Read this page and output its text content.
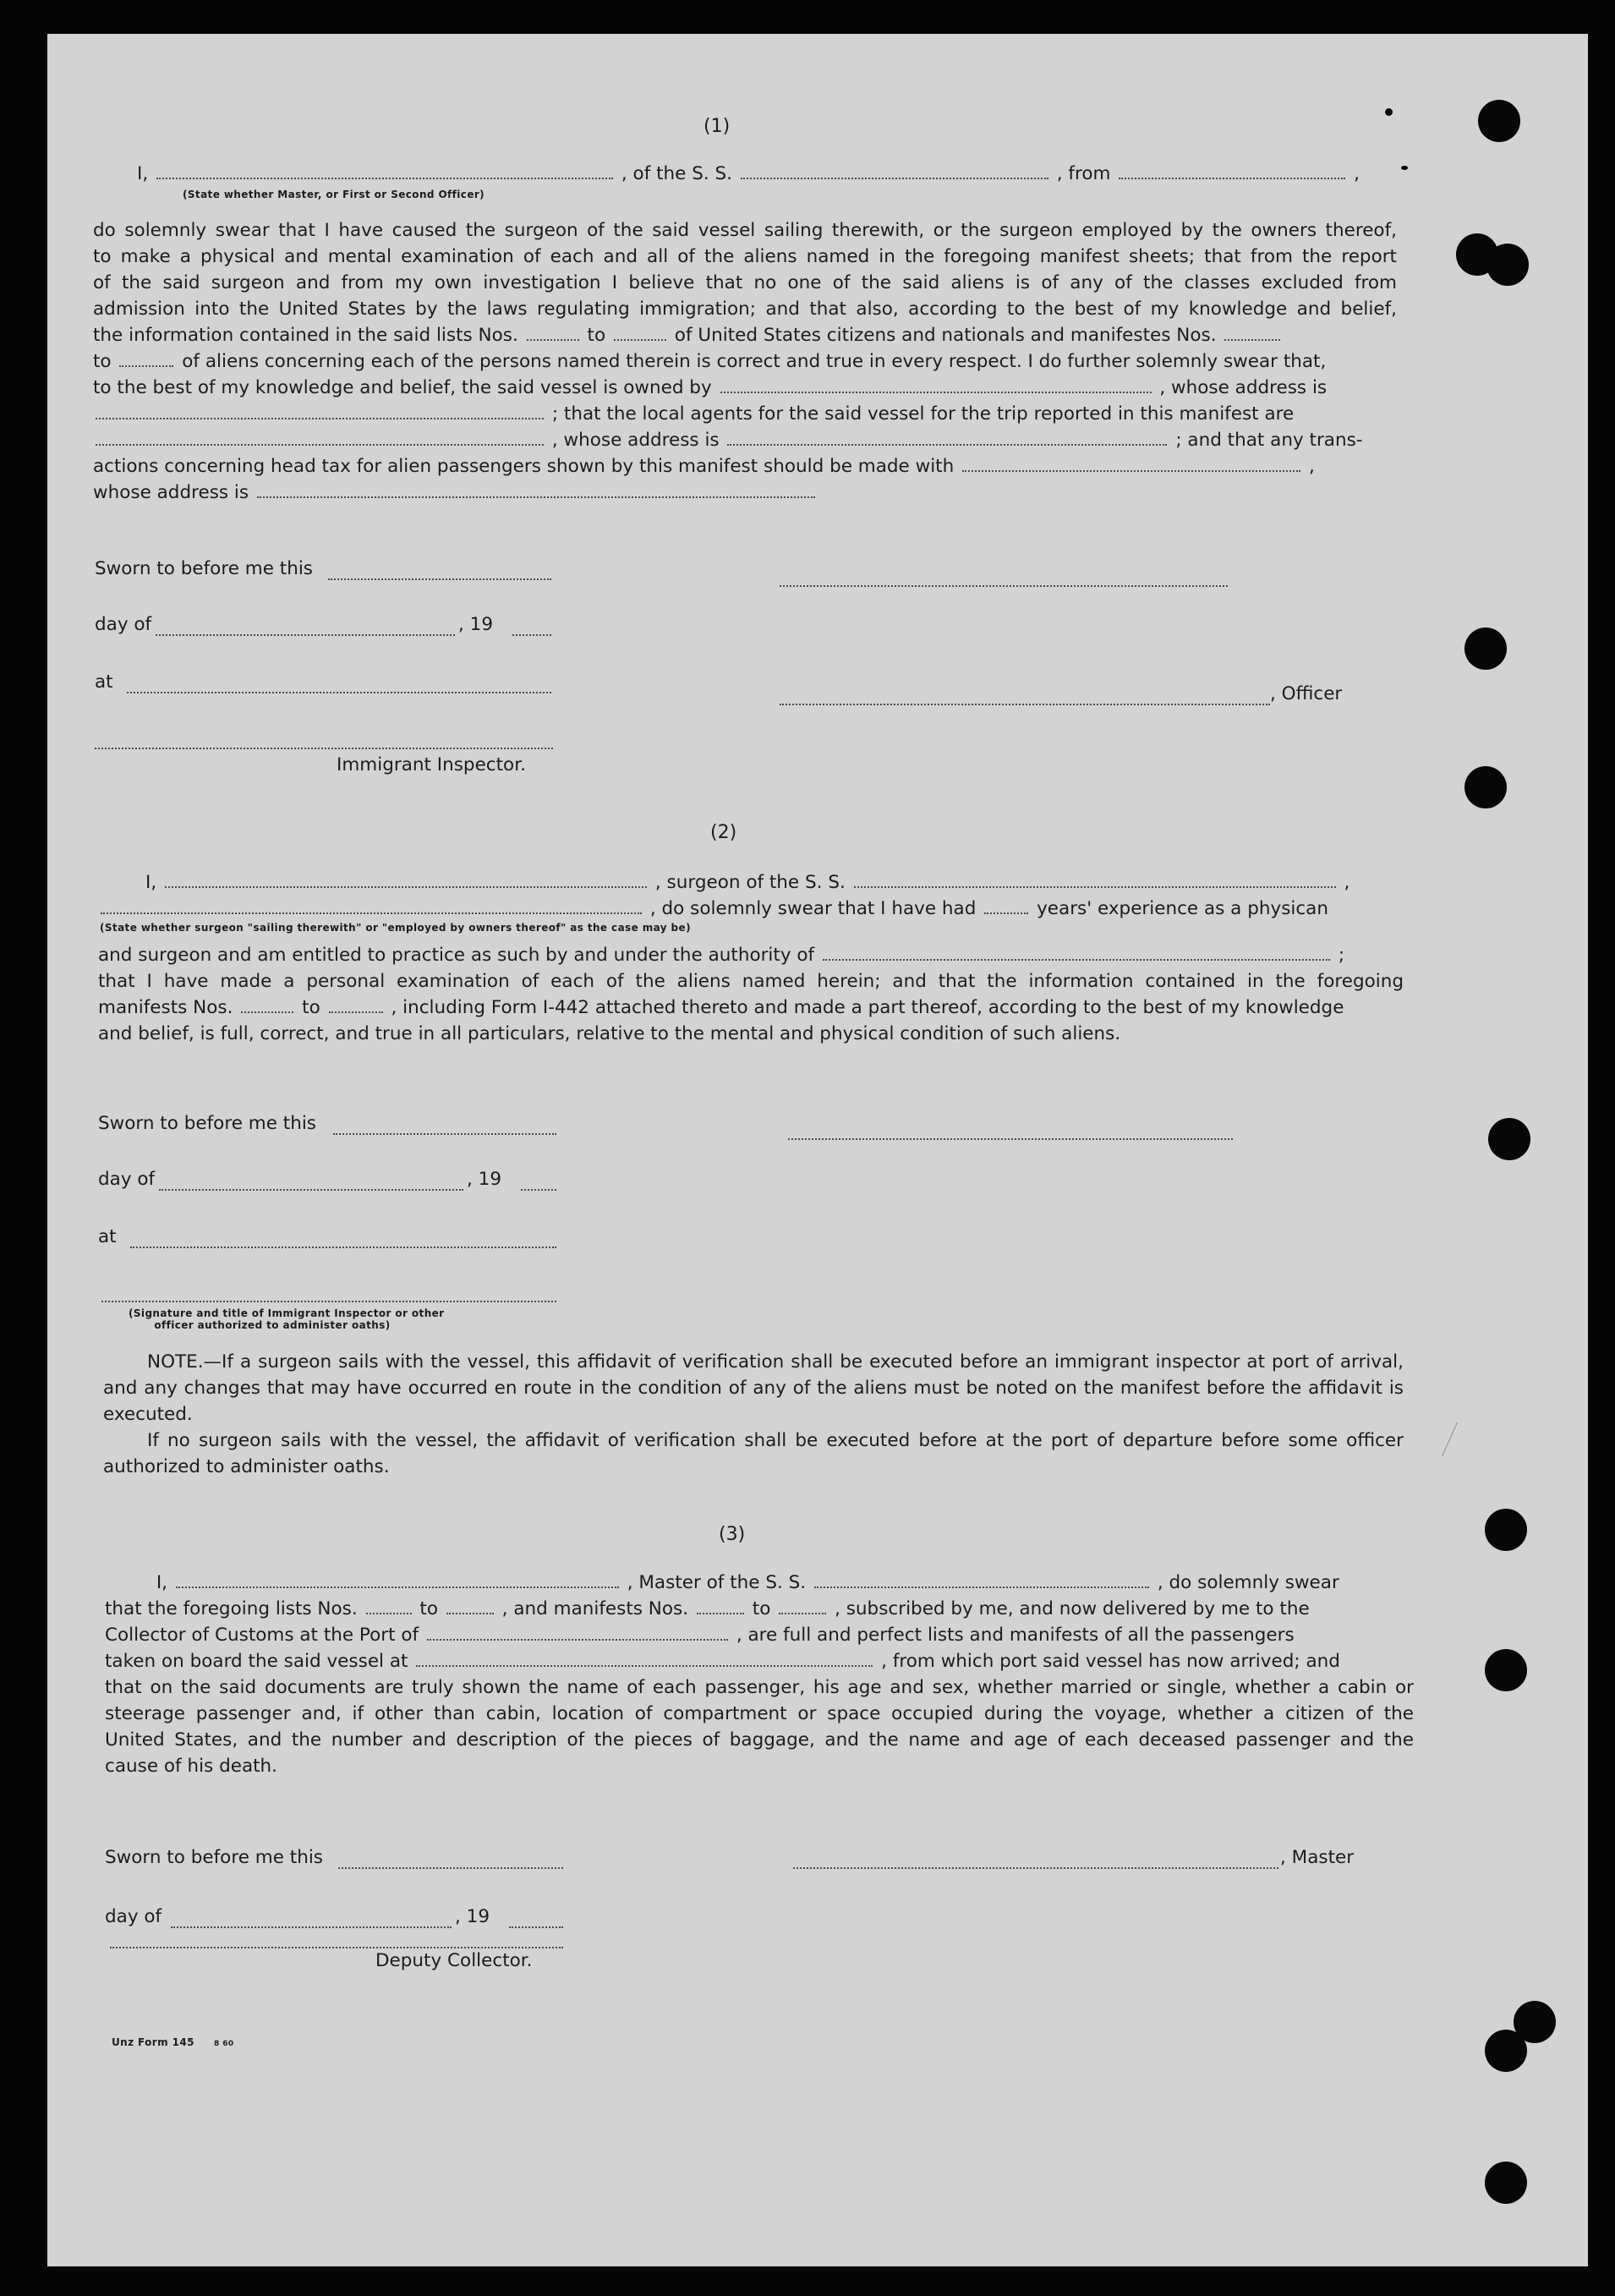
(1)
I,	, of the S. S.	, from	,
(State whether Master, or First or Second Officer)
do solemnly swear that I have caused the surgeon of the said vessel sailing therewith, or the surgeon employed by the owners thereof,
to make a physical and mental examination of each and all of the aliens named in the foregoing manifest sheets; that from the report
of the said surgeon and from my own investigation I believe that no one of the said aliens is of any of the classes excluded from
admission into the United States by the laws regulating immigration; and that also, according to the best of my knowledge and belief,
the information contained in the said lists Nos.	to	of United States citizens and nationals and manifestes Nos.
to	of aliens concerning each of the persons named therein is correct and true in every respect. I do further solemnly swear that,
to the best of my knowledge and belief, the said vessel is owned by	, whose address is
; that the local agents for the said vessel for the trip reported in this manifest are
, whose address is	; and that any trans-
actions concerning head tax for alien passengers shown by this manifest should be made with	,
whose address is
Sworn to before me this
day of	, 19
at
, Officer
Immigrant Inspector.
(2)
I,	, surgeon of the S. S.	,
, do solemnly swear that I have had	years' experience as a physican
(State whether surgeon "sailing therewith" or "employed by owners thereof" as the case may be)
and surgeon and am entitled to practice as such by and under the authority of	;
that I have made a personal examination of each of the aliens named herein; and that the information contained in the foregoing
manifests Nos.	to	, including Form I-442 attached thereto and made a part thereof, according to the best of my knowledge
and belief, is full, correct, and true in all particulars, relative to the mental and physical condition of such aliens.
Sworn to before me this
day of	, 19
at
(Signature and title of Immigrant Inspector or other
officer authorized to administer oaths)

NOTE.—If a surgeon sails with the vessel, this affidavit of verification shall be executed before an immigrant inspector at port of arrival, and any changes that may have occurred en route in the condition of any of the aliens must be noted on the manifest before the affidavit is executed.

If no surgeon sails with the vessel, the affidavit of verification shall be executed before at the port of departure before some officer authorized to administer oaths.

(3)
I,	, Master of the S. S.	, do solemnly swear
that the foregoing lists Nos.	to	, and manifests Nos.	to	, subscribed by me, and now delivered by me to the
Collector of Customs at the Port of	, are full and perfect lists and manifests of all the passengers
taken on board the said vessel at	, from which port said vessel has now arrived; and
that on the said documents are truly shown the name of each passenger, his age and sex, whether married or single, whether a cabin or
steerage passenger and, if other than cabin, location of compartment or space occupied during the voyage, whether a citizen of the
United States, and the number and description of the pieces of baggage, and the name and age of each deceased passenger and the
cause of his death.
Sworn to before me this	, Master
day of	, 19
Deputy Collector.
Unz Form 145	8 60
